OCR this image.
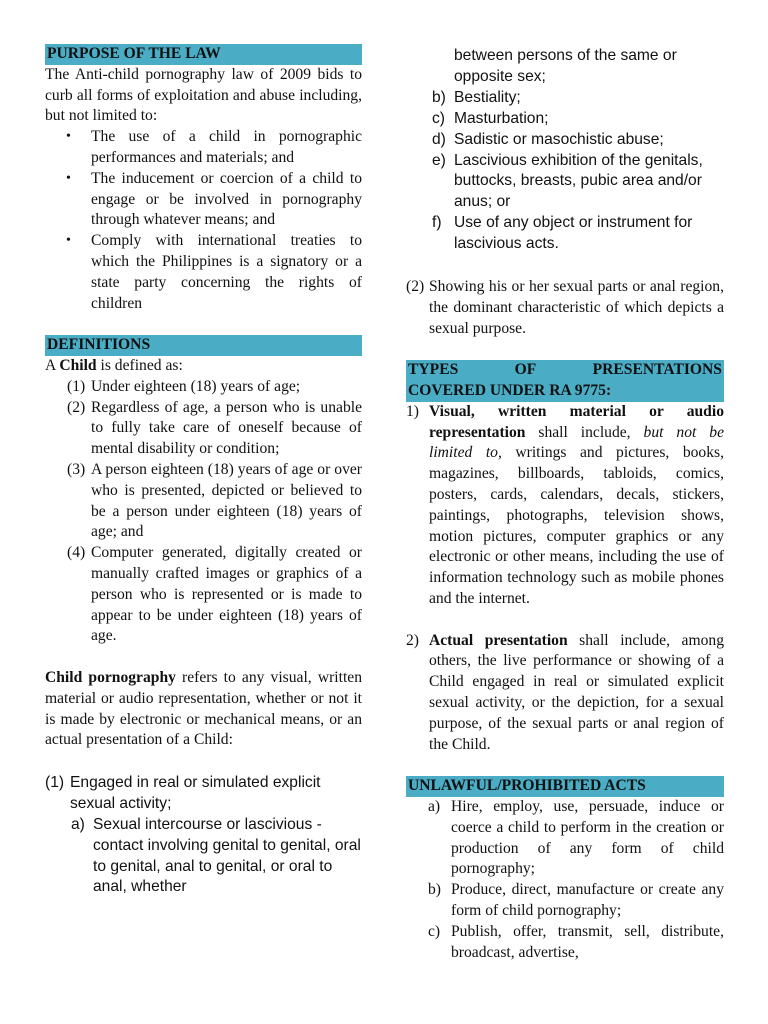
PURPOSE OF THE LAW
The Anti-child pornography law of 2009 bids to curb all forms of exploitation and abuse including, but not limited to:
• The use of a child in pornographic performances and materials; and
• The inducement or coercion of a child to engage or be involved in pornography through whatever means; and
• Comply with international treaties to which the Philippines is a signatory or a state party concerning the rights of children
DEFINITIONS
A Child is defined as:
(1) Under eighteen (18) years of age;
(2) Regardless of age, a person who is unable to fully take care of oneself because of mental disability or condition;
(3) A person eighteen (18) years of age or over who is presented, depicted or believed to be a person under eighteen (18) years of age; and
(4) Computer generated, digitally created or manually crafted images or graphics of a person who is represented or is made to appear to be under eighteen (18) years of age.
Child pornography refers to any visual, written material or audio representation, whether or not it is made by electronic or mechanical means, or an actual presentation of a Child:
(1) Engaged in real or simulated explicit sexual activity;
a) Sexual intercourse or lascivious - contact involving genital to genital, oral to genital, anal to genital, or oral to anal, whether
between persons of the same or opposite sex;
b) Bestiality;
c) Masturbation;
d) Sadistic or masochistic abuse;
e) Lascivious exhibition of the genitals, buttocks, breasts, pubic area and/or anus; or
f) Use of any object or instrument for lascivious acts.
(2) Showing his or her sexual parts or anal region, the dominant characteristic of which depicts a sexual purpose.
TYPES	OF	PRESENTATIONS
COVERED UNDER RA 9775:
1) Visual, written material or audio representation shall include, but not be limited to, writings and pictures, books, magazines, billboards, tabloids, comics, posters, cards, calendars, decals, stickers, paintings, photographs, television shows, motion pictures, computer graphics or any electronic or other means, including the use of information technology such as mobile phones and the internet.
2) Actual presentation shall include, among others, the live performance or showing of a Child engaged in real or simulated explicit sexual activity, or the depiction, for a sexual purpose, of the sexual parts or anal region of the Child.
UNLAWFUL/PROHIBITED ACTS
a) Hire, employ, use, persuade, induce or coerce a child to perform in the creation or production of any form of child pornography;
b) Produce, direct, manufacture or create any form of child pornography;
c) Publish, offer, transmit, sell, distribute, broadcast, advertise,
